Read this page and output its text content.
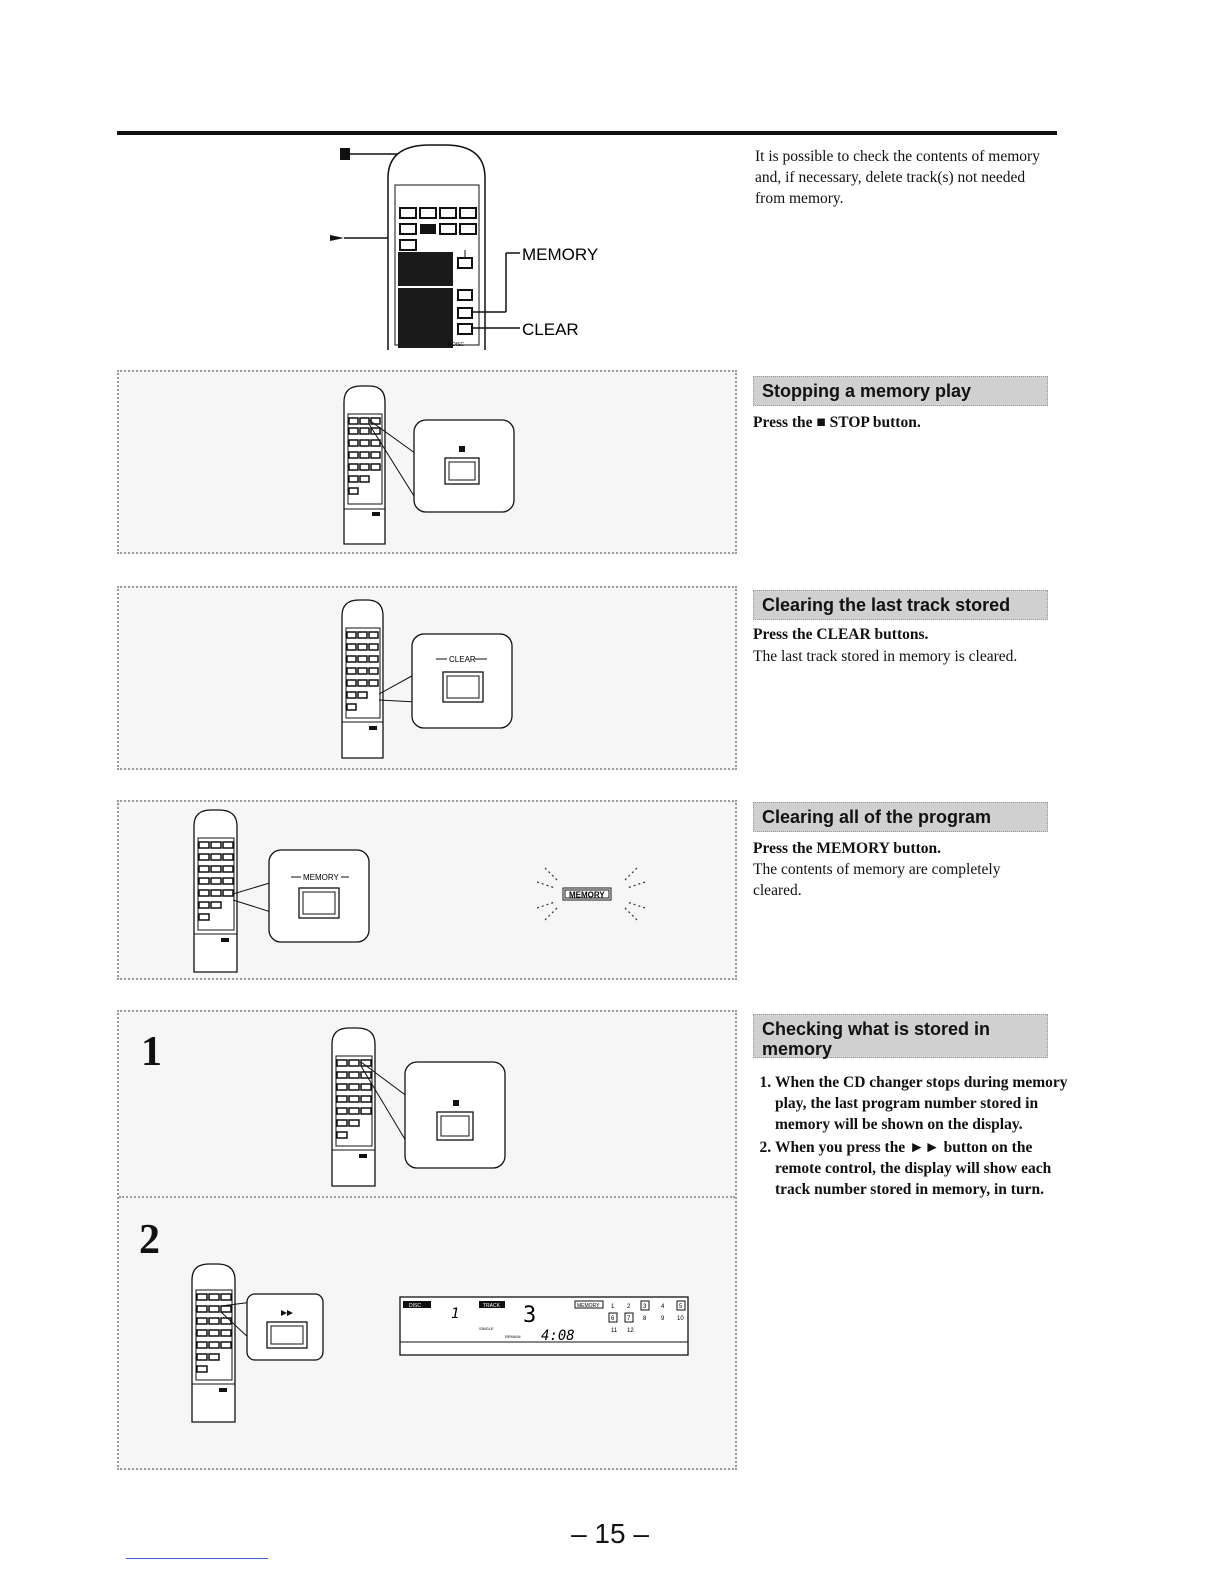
MEMORY
CLEAR
6 DISC
It is possible to check the contents of memory and, if necessary, delete track(s) not needed from memory.
Stopping a memory play
Press the ■ STOP button.
CLEAR
Clearing the last track stored
Press the CLEAR buttons.
The last track stored in memory is cleared.
MEMORY
MEMORY
Clearing all of the program
Press the MEMORY button.
The contents of memory are completely cleared.
1
2
DISC 1	TRACK 3	MEMORY
SINGLE
REMAIN 4:08
1 2 3 4 5
6 7 8 9 10
11 12
Checking what is stored in memory
1. When the CD changer stops during memory play, the last program number stored in memory will be shown on the display.
2. When you press the ►► button on the remote control, the display will show each track number stored in memory, in turn.
– 15 –
